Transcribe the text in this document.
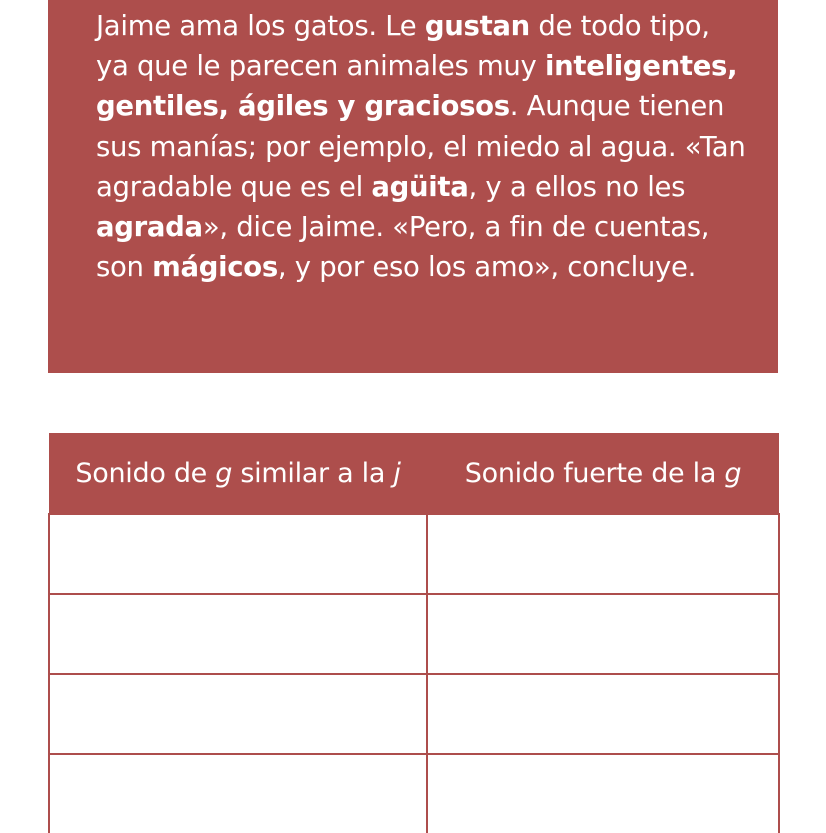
Jaime ama los gatos. Le gustan de todo tipo, ya que le parecen animales muy inteligentes, gentiles, ágiles y graciosos. Aunque tienen sus manías; por ejemplo, el miedo al agua. «Tan agradable que es el agüita, y a ellos no les agrada», dice Jaime. «Pero, a fin de cuentas, son mágicos, y por eso los amo», concluye.
Sonido de g similar a la j	Sonido fuerte de la g
